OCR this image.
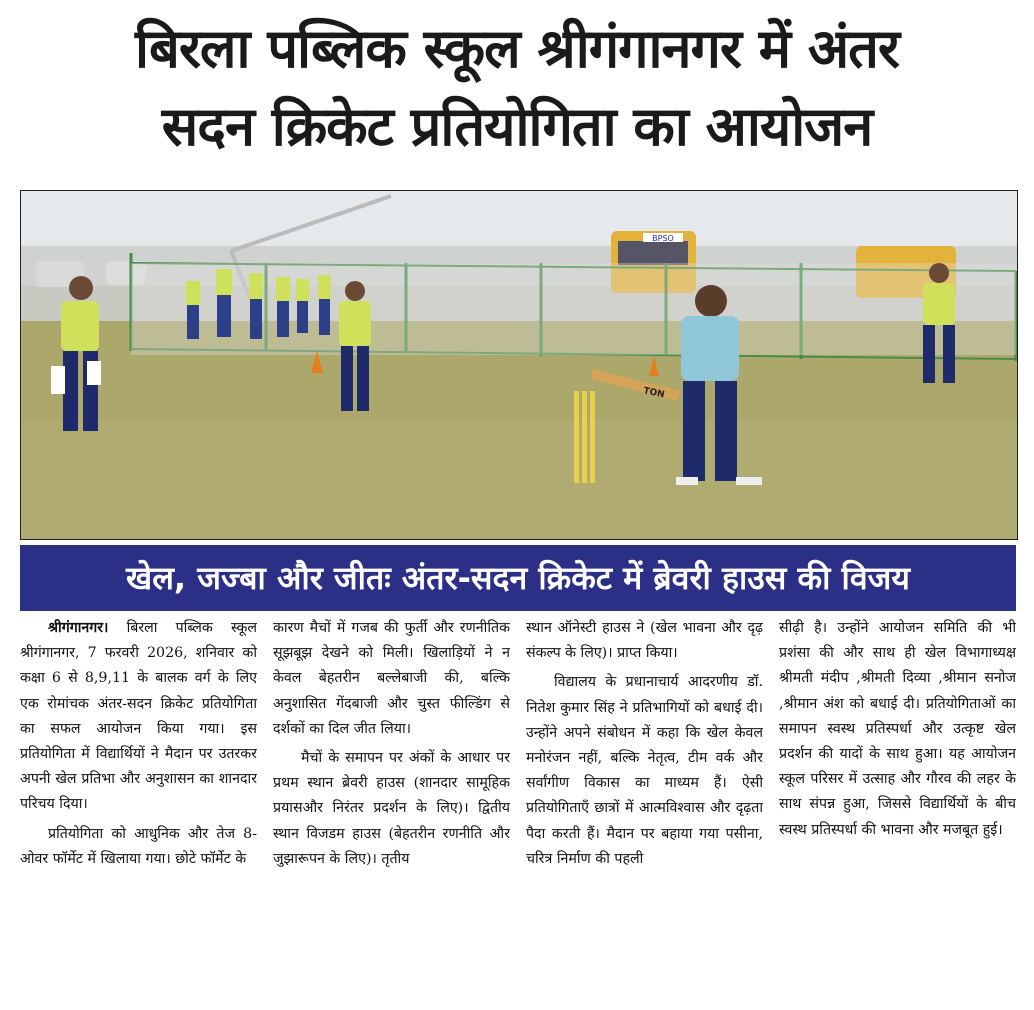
बिरला पब्लिक स्कूल श्रीगंगानगर में अंतर
सदन क्रिकेट प्रतियोगिता का आयोजन
BPSO
TON
खेल, जज्बा और जीतः अंतर-सदन क्रिकेट में ब्रेवरी हाउस की विजय

श्रीगंगानगर। बिरला पब्लिक स्कूल श्रीगंगानगर, 7 फरवरी 2026, शनिवार को कक्षा 6 से 8,9,11 के बालक वर्ग के लिए एक रोमांचक अंतर-सदन क्रिकेट प्रतियोगिता का सफल आयोजन किया गया। इस प्रतियोगिता में विद्यार्थियों ने मैदान पर उतरकर अपनी खेल प्रतिभा और अनुशासन का शानदार परिचय दिया।

प्रतियोगिता को आधुनिक और तेज 8-ओवर फॉर्मेट में खिलाया गया। छोटे फॉर्मेट के

कारण मैचों में गजब की फुर्ती और रणनीतिक सूझबूझ देखने को मिली। खिलाड़ियों ने न केवल बेहतरीन बल्लेबाजी की, बल्कि अनुशासित गेंदबाजी और चुस्त फील्डिंग से दर्शकों का दिल जीत लिया।

मैचों के समापन पर अंकों के आधार पर प्रथम स्थान ब्रेवरी हाउस (शानदार सामूहिक प्रयासऔर निरंतर प्रदर्शन के लिए)। द्वितीय स्थान विजडम हाउस (बेहतरीन रणनीति और जुझारूपन के लिए)। तृतीय

स्थान ऑनेस्टी हाउस ने (खेल भावना और दृढ़ संकल्प के लिए)। प्राप्त किया।

विद्यालय के प्रधानाचार्य आदरणीय डॉ. नितेश कुमार सिंह ने प्रतिभागियों को बधाई दी। उन्होंने अपने संबोधन में कहा कि खेल केवल मनोरंजन नहीं, बल्कि नेतृत्व, टीम वर्क और सर्वांगीण विकास का माध्यम हैं। ऐसी प्रतियोगिताएँ छात्रों में आत्मविश्वास और दृढ़ता पैदा करती हैं। मैदान पर बहाया गया पसीना, चरित्र निर्माण की पहली

सीढ़ी है। उन्होंने आयोजन समिति की भी प्रशंसा की और साथ ही खेल विभागाध्यक्ष श्रीमती मंदीप ,श्रीमती दिव्या ,श्रीमान सनोज ,श्रीमान अंश को बधाई दी। प्रतियोगिताओं का समापन स्वस्थ प्रतिस्पर्धा और उत्कृष्ट खेल प्रदर्शन की यादों के साथ हुआ। यह आयोजन स्कूल परिसर में उत्साह और गौरव की लहर के साथ संपन्न हुआ, जिससे विद्यार्थियों के बीच स्वस्थ प्रतिस्पर्धा की भावना और मजबूत हुई।
